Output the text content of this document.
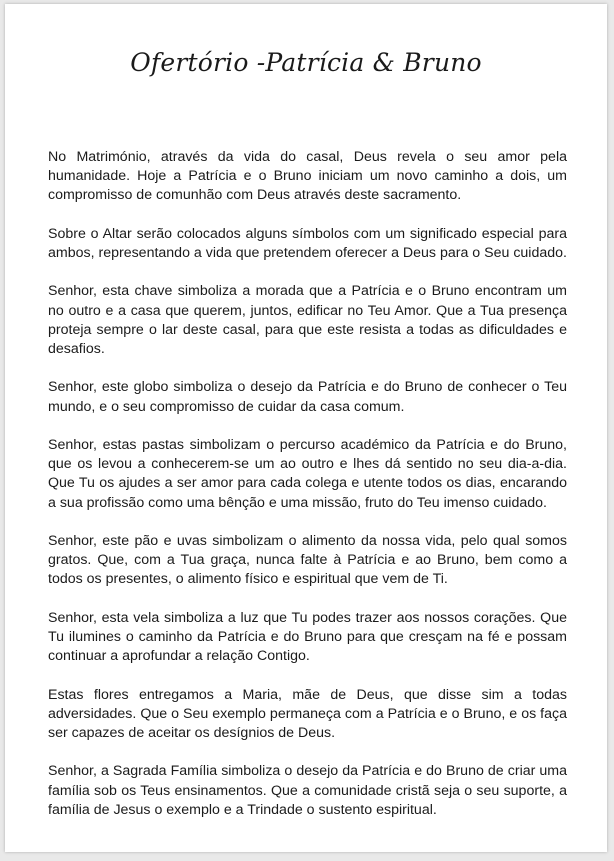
Ofertório -Patrícia & Bruno

No Matrimónio, através da vida do casal, Deus revela o seu amor pela humanidade. Hoje a Patrícia e o Bruno iniciam um novo caminho a dois, um compromisso de comunhão com Deus através deste sacramento.

Sobre o Altar serão colocados alguns símbolos com um significado especial para ambos, representando a vida que pretendem oferecer a Deus para o Seu cuidado.

Senhor, esta chave simboliza a morada que a Patrícia e o Bruno encontram um no outro e a casa que querem, juntos, edificar no Teu Amor. Que a Tua presença proteja sempre o lar deste casal, para que este resista a todas as dificuldades e desafios.

Senhor, este globo simboliza o desejo da Patrícia e do Bruno de conhecer o Teu mundo, e o seu compromisso de cuidar da casa comum.

Senhor, estas pastas simbolizam o percurso académico da Patrícia e do Bruno, que os levou a conhecerem-se um ao outro e lhes dá sentido no seu dia-a-dia. Que Tu os ajudes a ser amor para cada colega e utente todos os dias, encarando a sua profissão como uma bênção e uma missão, fruto do Teu imenso cuidado.

Senhor, este pão e uvas simbolizam o alimento da nossa vida, pelo qual somos gratos. Que, com a Tua graça, nunca falte à Patrícia e ao Bruno, bem como a todos os presentes, o alimento físico e espiritual que vem de Ti.

Senhor, esta vela simboliza a luz que Tu podes trazer aos nossos corações. Que Tu ilumines o caminho da Patrícia e do Bruno para que cresçam na fé e possam continuar a aprofundar a relação Contigo.

Estas flores entregamos a Maria, mãe de Deus, que disse sim a todas adversidades. Que o Seu exemplo permaneça com a Patrícia e o Bruno, e os faça ser capazes de aceitar os desígnios de Deus.

Senhor, a Sagrada Família simboliza o desejo da Patrícia e do Bruno de criar uma família sob os Teus ensinamentos. Que a comunidade cristã seja o seu suporte, a família de Jesus o exemplo e a Trindade o sustento espiritual.
